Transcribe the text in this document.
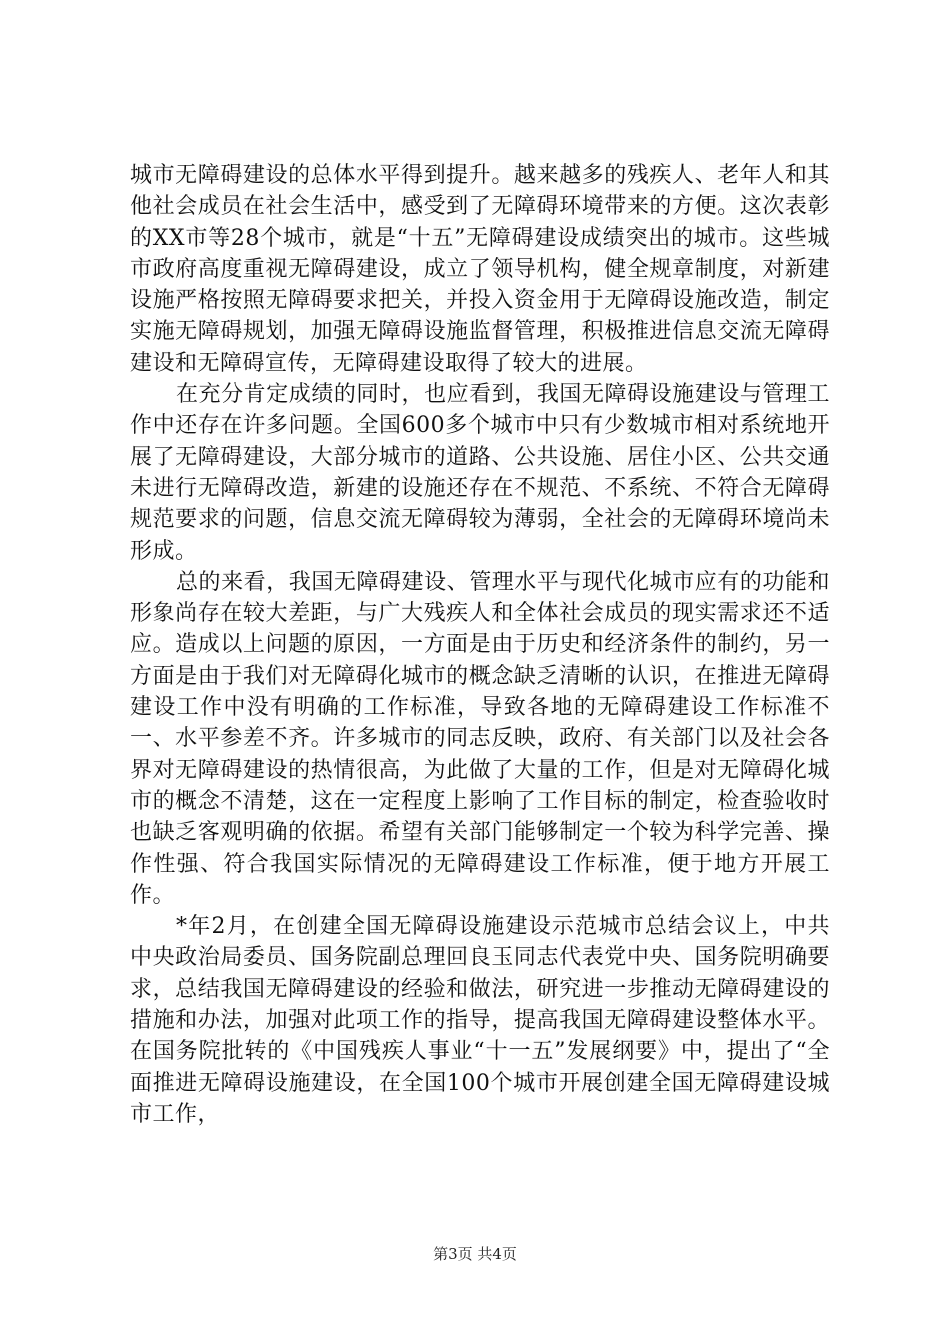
城市无障碍建设的总体水平得到提升。越来越多的残疾人、老年人和其他社会成员在社会生活中，感受到了无障碍环境带来的方便。这次表彰的XX市等28个城市，就是“十五”无障碍建设成绩突出的城市。这些城市政府高度重视无障碍建设，成立了领导机构，健全规章制度，对新建设施严格按照无障碍要求把关，并投入资金用于无障碍设施改造，制定实施无障碍规划，加强无障碍设施监督管理，积极推进信息交流无障碍建设和无障碍宣传，无障碍建设取得了较大的进展。

在充分肯定成绩的同时，也应看到，我国无障碍设施建设与管理工作中还存在许多问题。全国600多个城市中只有少数城市相对系统地开展了无障碍建设，大部分城市的道路、公共设施、居住小区、公共交通未进行无障碍改造，新建的设施还存在不规范、不系统、不符合无障碍规范要求的问题，信息交流无障碍较为薄弱，全社会的无障碍环境尚未形成。

总的来看，我国无障碍建设、管理水平与现代化城市应有的功能和形象尚存在较大差距，与广大残疾人和全体社会成员的现实需求还不适应。造成以上问题的原因，一方面是由于历史和经济条件的制约，另一方面是由于我们对无障碍化城市的概念缺乏清晰的认识，在推进无障碍建设工作中没有明确的工作标准，导致各地的无障碍建设工作标准不一、水平参差不齐。许多城市的同志反映，政府、有关部门以及社会各界对无障碍建设的热情很高，为此做了大量的工作，但是对无障碍化城市的概念不清楚，这在一定程度上影响了工作目标的制定，检查验收时也缺乏客观明确的依据。希望有关部门能够制定一个较为科学完善、操作性强、符合我国实际情况的无障碍建设工作标准，便于地方开展工作。

*年2月，在创建全国无障碍设施建设示范城市总结会议上，中共中央政治局委员、国务院副总理回良玉同志代表党中央、国务院明确要求，总结我国无障碍建设的经验和做法，研究进一步推动无障碍建设的措施和办法，加强对此项工作的指导，提高我国无障碍建设整体水平。在国务院批转的《中国残疾人事业“十一五”发展纲要》中，提出了“全面推进无障碍设施建设，在全国100个城市开展创建全国无障碍建设城市工作，

第3页 共4页
